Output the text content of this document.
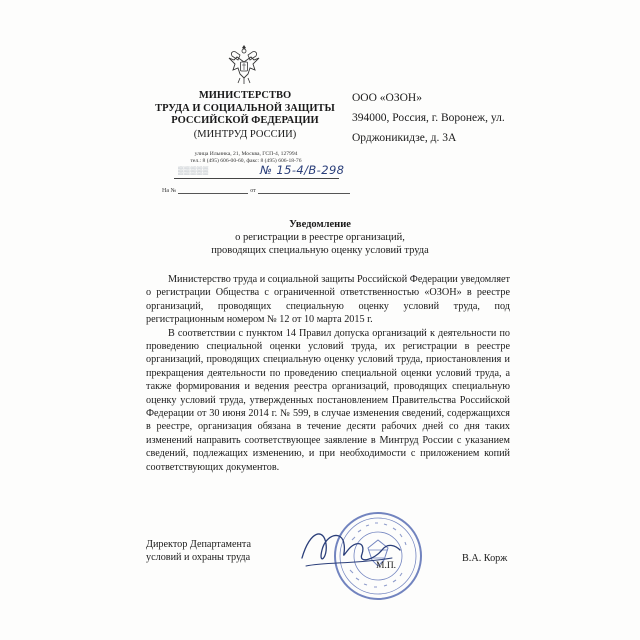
МИНИСТЕРСТВО
ТРУДА И СОЦИАЛЬНОЙ ЗАЩИТЫ
РОССИЙСКОЙ ФЕДЕРАЦИИ
(МИНТРУД РОССИИ)
улица Ильинка, 21, Москва, ГСП-4, 127994
тел.: 8 (495) 606-00-60, факс: 8 (495) 606-18-76
▒▒▒▒▒	№ 15-4/В-298
На №	от
ООО «ОЗОН»
394000, Россия, г. Воронеж, ул.
Орджоникидзе, д. 3А
Уведомление
о регистрации в реестре организаций,
проводящих специальную оценку условий труда

Министерство труда и социальной защиты Российской Федерации уведомляет о регистрации Общества с ограниченной ответственностью «ОЗОН» в реестре организаций, проводящих специальную оценку условий труда, под регистрационным номером № 12 от 10 марта 2015 г.

В соответствии с пунктом 14 Правил допуска организаций к деятельности по проведению специальной оценки условий труда, их регистрации в реестре организаций, проводящих специальную оценку условий труда, приостановления и прекращения деятельности по проведению специальной оценки условий труда, а также формирования и ведения реестра организаций, проводящих специальную оценку условий труда, утвержденных постановлением Правительства Российской Федерации от 30 июня 2014 г. № 599, в случае изменения сведений, содержащихся в реестре, организация обязана в течение десяти рабочих дней со дня таких изменений направить соответствующее заявление в Минтруд России с указанием сведений, подлежащих изменению, и при необходимости с приложением копий соответствующих документов.

Директор Департамента
условий и охраны труда
М.П.
В.А. Корж
